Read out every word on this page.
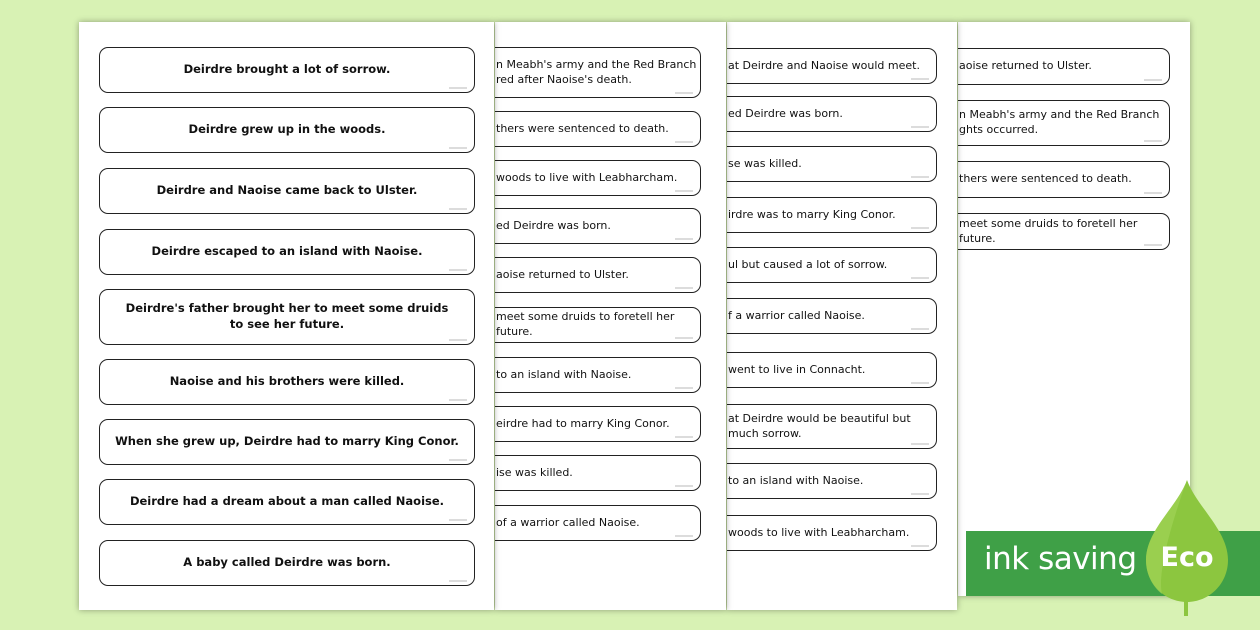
aoise returned to Ulster.
n Meabh's army and the Red Branch
ghts occurred.
thers were sentenced to death.
meet some druids to foretell her future.
at Deirdre and Naoise would meet.
ed Deirdre was born.
se was killed.
irdre was to marry King Conor.
ul but caused a lot of sorrow.
f a warrior called Naoise.
went to live in Connacht.
at Deirdre would be beautiful but
much sorrow.
to an island with Naoise.
woods to live with Leabharcham.
n Meabh's army and the Red Branch
red after Naoise's death.
thers were sentenced to death.
woods to live with Leabharcham.
ed Deirdre was born.
aoise returned to Ulster.
meet some druids to foretell her future.
to an island with Naoise.
eirdre had to marry King Conor.
ise was killed.
of a warrior called Naoise.
Deirdre brought a lot of sorrow.
Deirdre grew up in the woods.
Deirdre and Naoise came back to Ulster.
Deirdre escaped to an island with Naoise.
Deirdre's father brought her to meet some druids
to see her future.
Naoise and his brothers were killed.
When she grew up, Deirdre had to marry King Conor.
Deirdre had a dream about a man called Naoise.
A baby called Deirdre was born.	ink saving Eco
